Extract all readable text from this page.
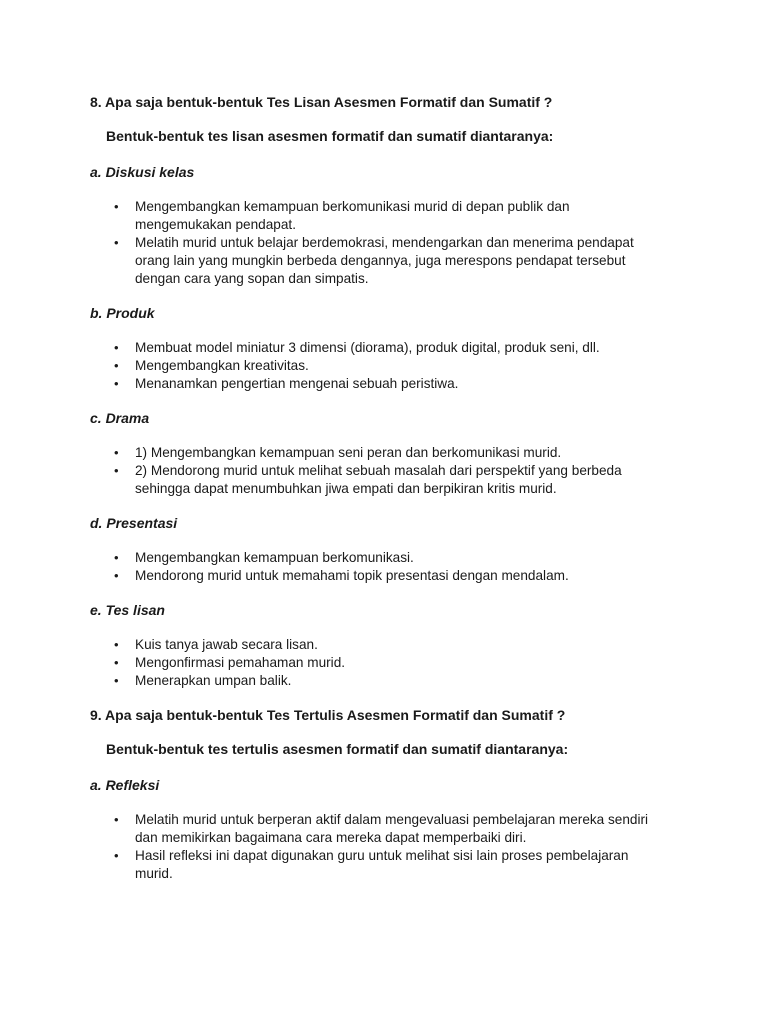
8. Apa saja bentuk-bentuk Tes Lisan Asesmen Formatif dan Sumatif ?

Bentuk-bentuk tes lisan asesmen formatif dan sumatif diantaranya:

a. Diskusi kelas

• Mengembangkan kemampuan berkomunikasi murid di depan publik dan mengemukakan pendapat.
• Melatih murid untuk belajar berdemokrasi, mendengarkan dan menerima pendapat orang lain yang mungkin berbeda dengannya, juga merespons pendapat tersebut dengan cara yang sopan dan simpatis.

b. Produk

• Membuat model miniatur 3 dimensi (diorama), produk digital, produk seni, dll.
• Mengembangkan kreativitas.
• Menanamkan pengertian mengenai sebuah peristiwa.

c. Drama

• 1) Mengembangkan kemampuan seni peran dan berkomunikasi murid.
• 2) Mendorong murid untuk melihat sebuah masalah dari perspektif yang berbeda sehingga dapat menumbuhkan jiwa empati dan berpikiran kritis murid.

d. Presentasi

• Mengembangkan kemampuan berkomunikasi.
• Mendorong murid untuk memahami topik presentasi dengan mendalam.

e. Tes lisan

• Kuis tanya jawab secara lisan.
• Mengonfirmasi pemahaman murid.
• Menerapkan umpan balik.

9. Apa saja bentuk-bentuk Tes Tertulis Asesmen Formatif dan Sumatif ?

Bentuk-bentuk tes tertulis asesmen formatif dan sumatif diantaranya:

a. Refleksi

• Melatih murid untuk berperan aktif dalam mengevaluasi pembelajaran mereka sendiri dan memikirkan bagaimana cara mereka dapat memperbaiki diri.
• Hasil refleksi ini dapat digunakan guru untuk melihat sisi lain proses pembelajaran murid.
